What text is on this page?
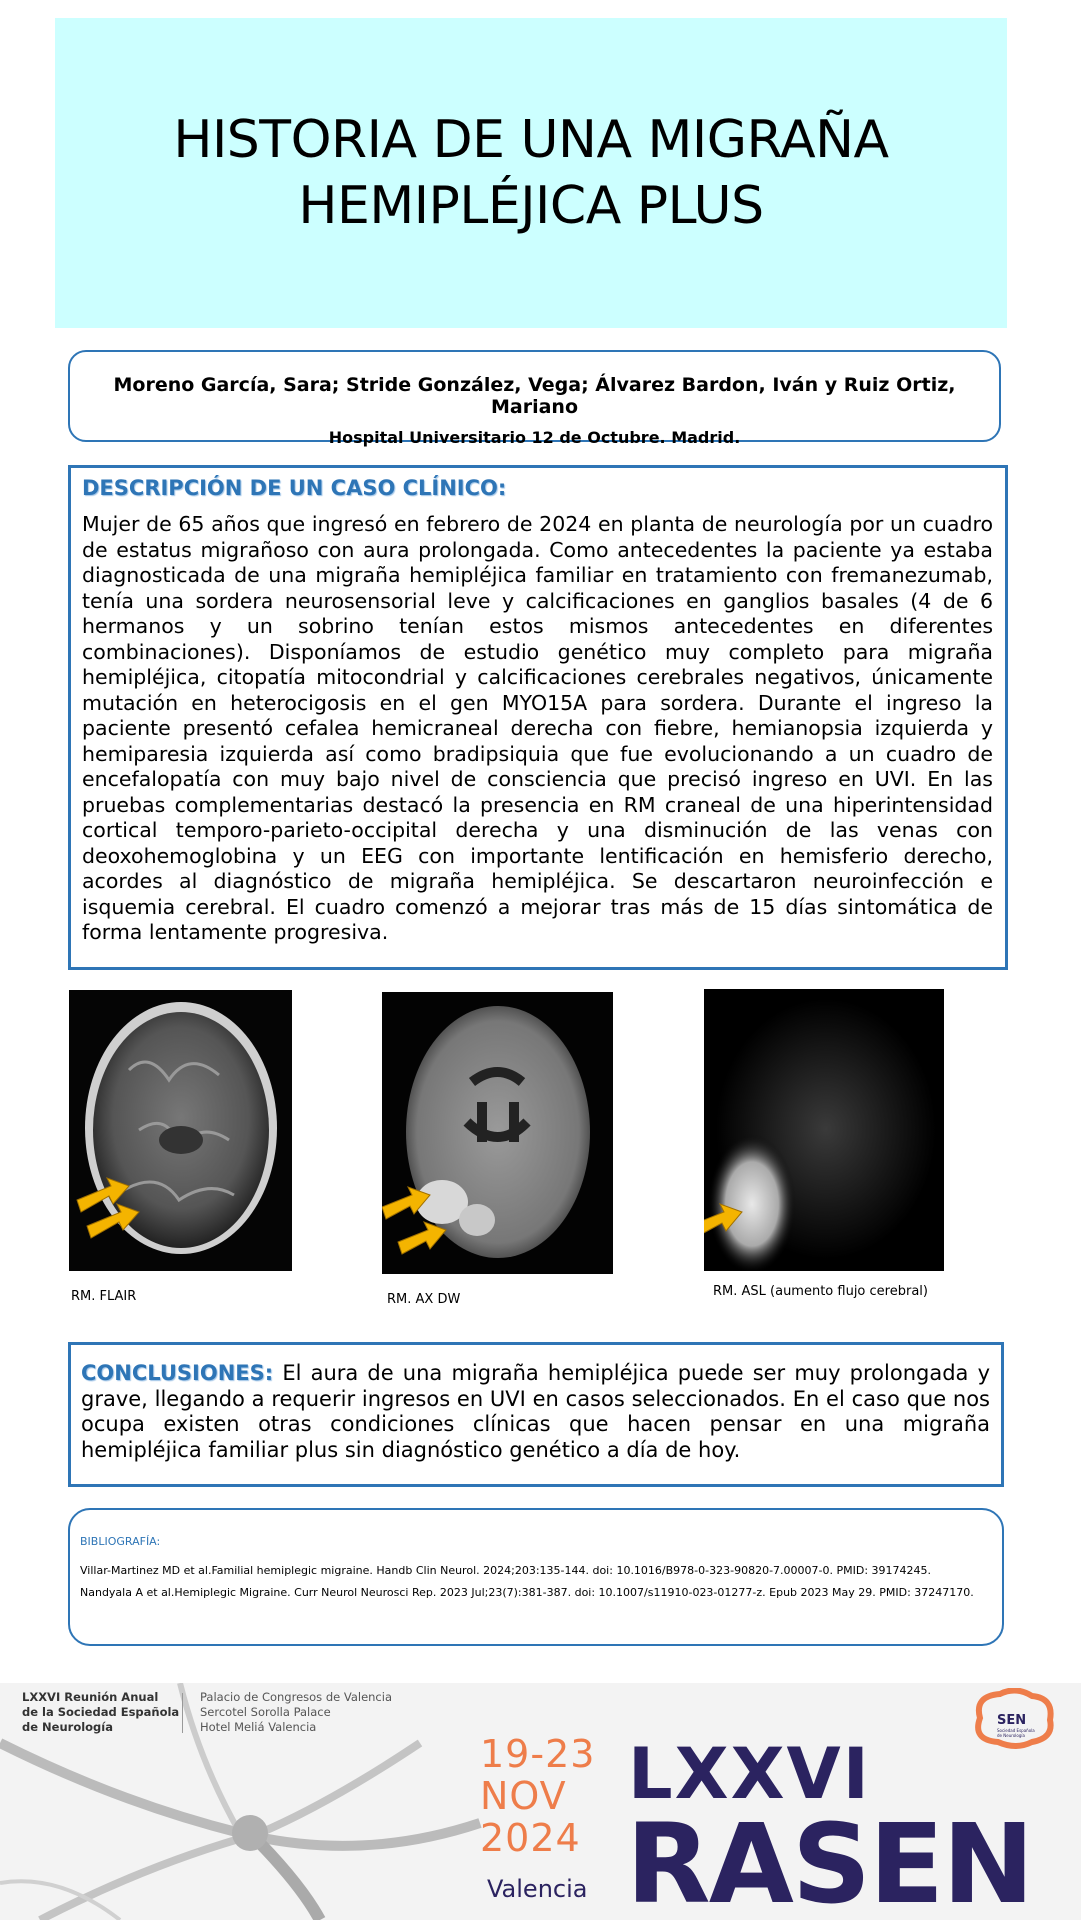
HISTORIA DE UNA MIGRAÑA
HEMIPLÉJICA PLUS
Moreno García, Sara; Stride González, Vega; Álvarez Bardon, Iván y Ruiz Ortiz, Mariano
Hospital Universitario 12 de Octubre. Madrid.
DESCRIPCIÓN DE UN CASO CLÍNICO:
Mujer de 65 años que ingresó en febrero de 2024 en planta de neurología por un cuadro de estatus migrañoso con aura prolongada. Como antecedentes la paciente ya estaba diagnosticada de una migraña hemipléjica familiar en tratamiento con fremanezumab, tenía una sordera neurosensorial leve y calcificaciones en ganglios basales (4 de 6 hermanos y un sobrino tenían estos mismos antecedentes en diferentes combinaciones). Disponíamos de estudio genético muy completo para migraña hemipléjica, citopatía mitocondrial y calcificaciones cerebrales negativos, únicamente mutación en heterocigosis en el gen MYO15A para sordera. Durante el ingreso la paciente presentó cefalea hemicraneal derecha con fiebre, hemianopsia izquierda y hemiparesia izquierda así como bradipsiquia que fue evolucionando a un cuadro de encefalopatía con muy bajo nivel de consciencia que precisó ingreso en UVI. En las pruebas complementarias destacó la presencia en RM craneal de una hiperintensidad cortical temporo-parieto-occipital derecha y una disminución de las venas con deoxohemoglobina y un EEG con importante lentificación en hemisferio derecho, acordes al diagnóstico de migraña hemipléjica. Se descartaron neuroinfección e isquemia cerebral. El cuadro comenzó a mejorar tras más de 15 días sintomática de forma lentamente progresiva.
RM. FLAIR	RM. AX DW
RM. ASL (aumento flujo cerebral)
CONCLUSIONES: El aura de una migraña hemipléjica puede ser muy prolongada y grave, llegando a requerir ingresos en UVI en casos seleccionados. En el caso que nos ocupa existen otras condiciones clínicas que hacen pensar en una migraña hemipléjica familiar plus sin diagnóstico genético a día de hoy.
BIBLIOGRAFÍA:
Villar-Martinez MD et al.Familial hemiplegic migraine. Handb Clin Neurol. 2024;203:135-144. doi: 10.1016/B978-0-323-90820-7.00007-0. PMID: 39174245.
Nandyala A et al.Hemiplegic Migraine. Curr Neurol Neurosci Rep. 2023 Jul;23(7):381-387. doi: 10.1007/s11910-023-01277-z. Epub 2023 May 29. PMID: 37247170.
LXXVI Reunión Anual
de la Sociedad Española
de Neurología
Palacio de Congresos de Valencia
Sercotel Sorolla Palace
Hotel Meliá Valencia
19-23
NOV
2024
Valencia
LXXVI
RASEN
SEN
Sociedad Española de Neurología
